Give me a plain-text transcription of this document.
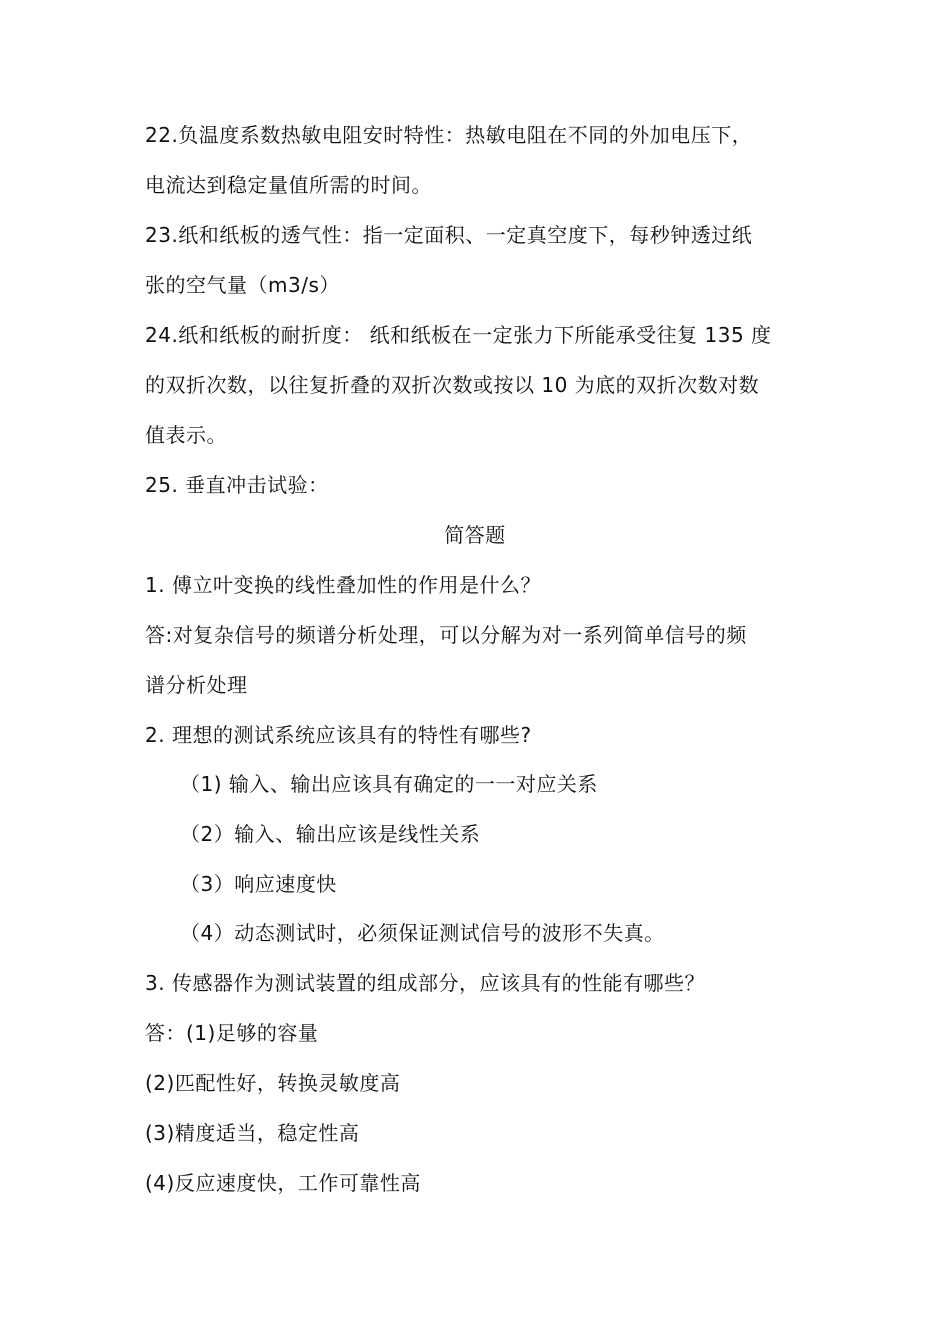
22.负温度系数热敏电阻安时特性：热敏电阻在不同的外加电压下，
电流达到稳定量值所需的时间。
23.纸和纸板的透气性：指一定面积、一定真空度下，每秒钟透过纸
张的空气量（m3/s）
24.纸和纸板的耐折度： 纸和纸板在一定张力下所能承受往复 135 度
的双折次数，以往复折叠的双折次数或按以 10 为底的双折次数对数
值表示。
25. 垂直冲击试验：
简答题
1. 傅立叶变换的线性叠加性的作用是什么？
答:对复杂信号的频谱分析处理，可以分解为对一系列简单信号的频
谱分析处理
2. 理想的测试系统应该具有的特性有哪些?
（1) 输入、输出应该具有确定的一一对应关系
（2）输入、输出应该是线性关系
（3）响应速度快
（4）动态测试时，必须保证测试信号的波形不失真。
3. 传感器作为测试装置的组成部分，应该具有的性能有哪些？
答：(1)足够的容量
(2)匹配性好，转换灵敏度高
(3)精度适当，稳定性高
(4)反应速度快，工作可靠性高
